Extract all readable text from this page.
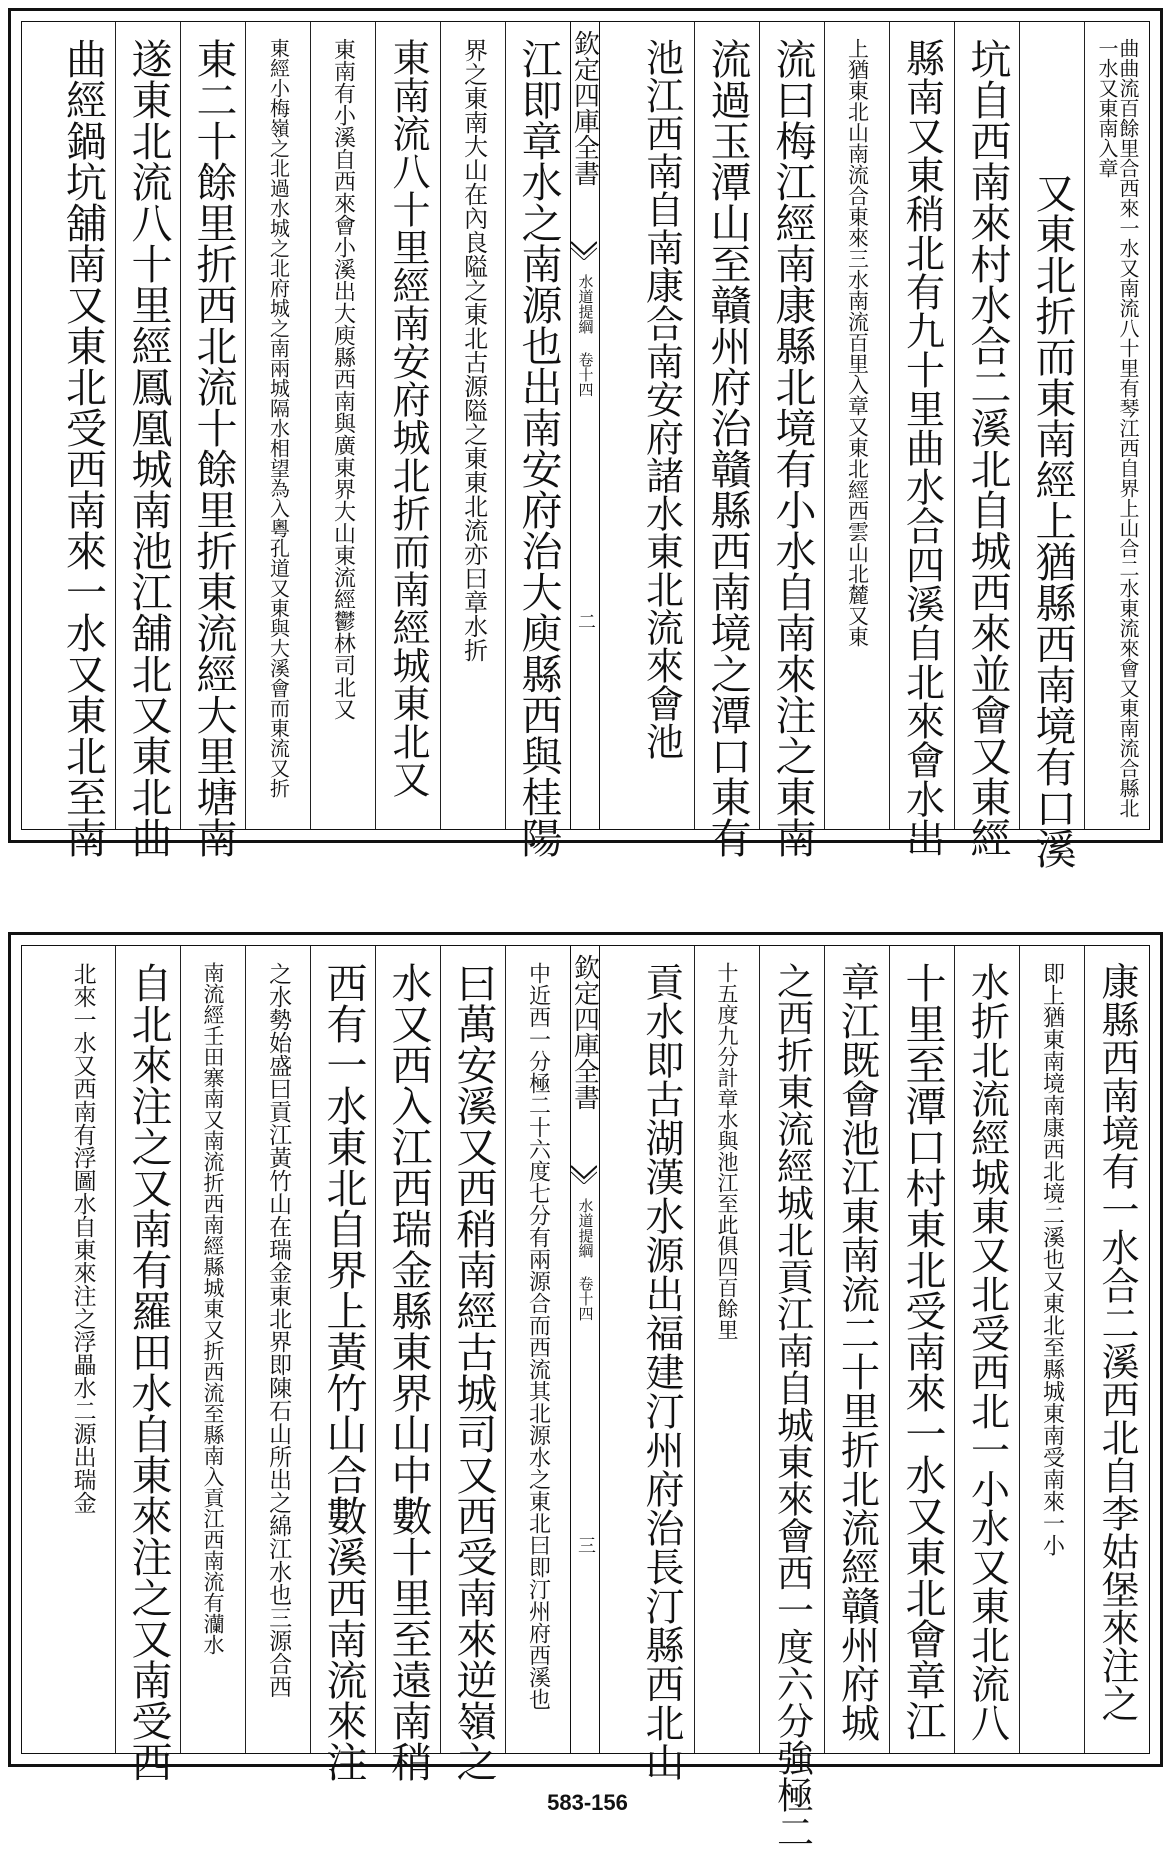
曲曲流百餘里合西來一水又南流八十里有琴江西自界上山合二水東流來會又東南流合縣北一水又東南入章
又東北折而東南經上猶縣西南境有口溪
坑自西南來村水合二溪北自城西來並會又東經
縣南又東稍北有九十里曲水合四溪自北來會水出
上猶東北山南流合東來三水南流百里入章又東北經西雲山北麓又東
流曰梅江經南康縣北境有小水自南來注之東南
流過玉潭山至贛州府治贛縣西南境之潭口東有
池江西南自南康合南安府諸水東北流來會池
欽定四庫全書
水道提綱 卷十四
二
江即章水之南源也出南安府治大庾縣西與桂陽
界之東南大山在內良隘之東北古源隘之東東北流亦曰章水折
東南流八十里經南安府城北折而南經城東北又
東南有小溪自西來會小溪出大庾縣西南與廣東界大山東流經鬱林司北又
東經小梅嶺之北過水城之北府城之南兩城隔水相望為入粵孔道又東與大溪會而東流又折
東二十餘里折西北流十餘里折東流經大里塘南
遂東北流八十里經鳳凰城南池江舖北又東北曲
曲經鍋坑舖南又東北受西南來一水又東北至南
康縣西南境有一水合二溪西北自李姑堡來注之
即上猶東南境南康西北境二溪也又東北至縣城東南受南來一小
水折北流經城東又北受西北一小水又東北流八
十里至潭口村東北受南來一水又東北會章江
章江既會池江東南流二十里折北流經贛州府城
之西折東流經城北貢江南自城東來會西一度六分強極二
十五度九分計章水與池江至此俱四百餘里
貢水即古湖漢水源出福建汀州府治長汀縣西北山
欽定四庫全書
水道提綱 卷十四
三
中近西一分極二十六度七分有兩源合而西流其北源水之東北曰即汀州府西溪也
曰萬安溪又西稍南經古城司又西受南來逆嶺之
水又西入江西瑞金縣東界山中數十里至遠南稍
西有一水東北自界上黃竹山合數溪西南流來注
之水勢始盛曰貢江黃竹山在瑞金東北界即陳石山所出之綿江水也三源合西
南流經壬田寨南又南流折西南經縣城東又折西流至縣南入貢江西南流有灡水
自北來注之又南有羅田水自東來注之又南受西
北來一水又西南有浮圖水自東來注之浮畾水二源出瑞金
583-156
